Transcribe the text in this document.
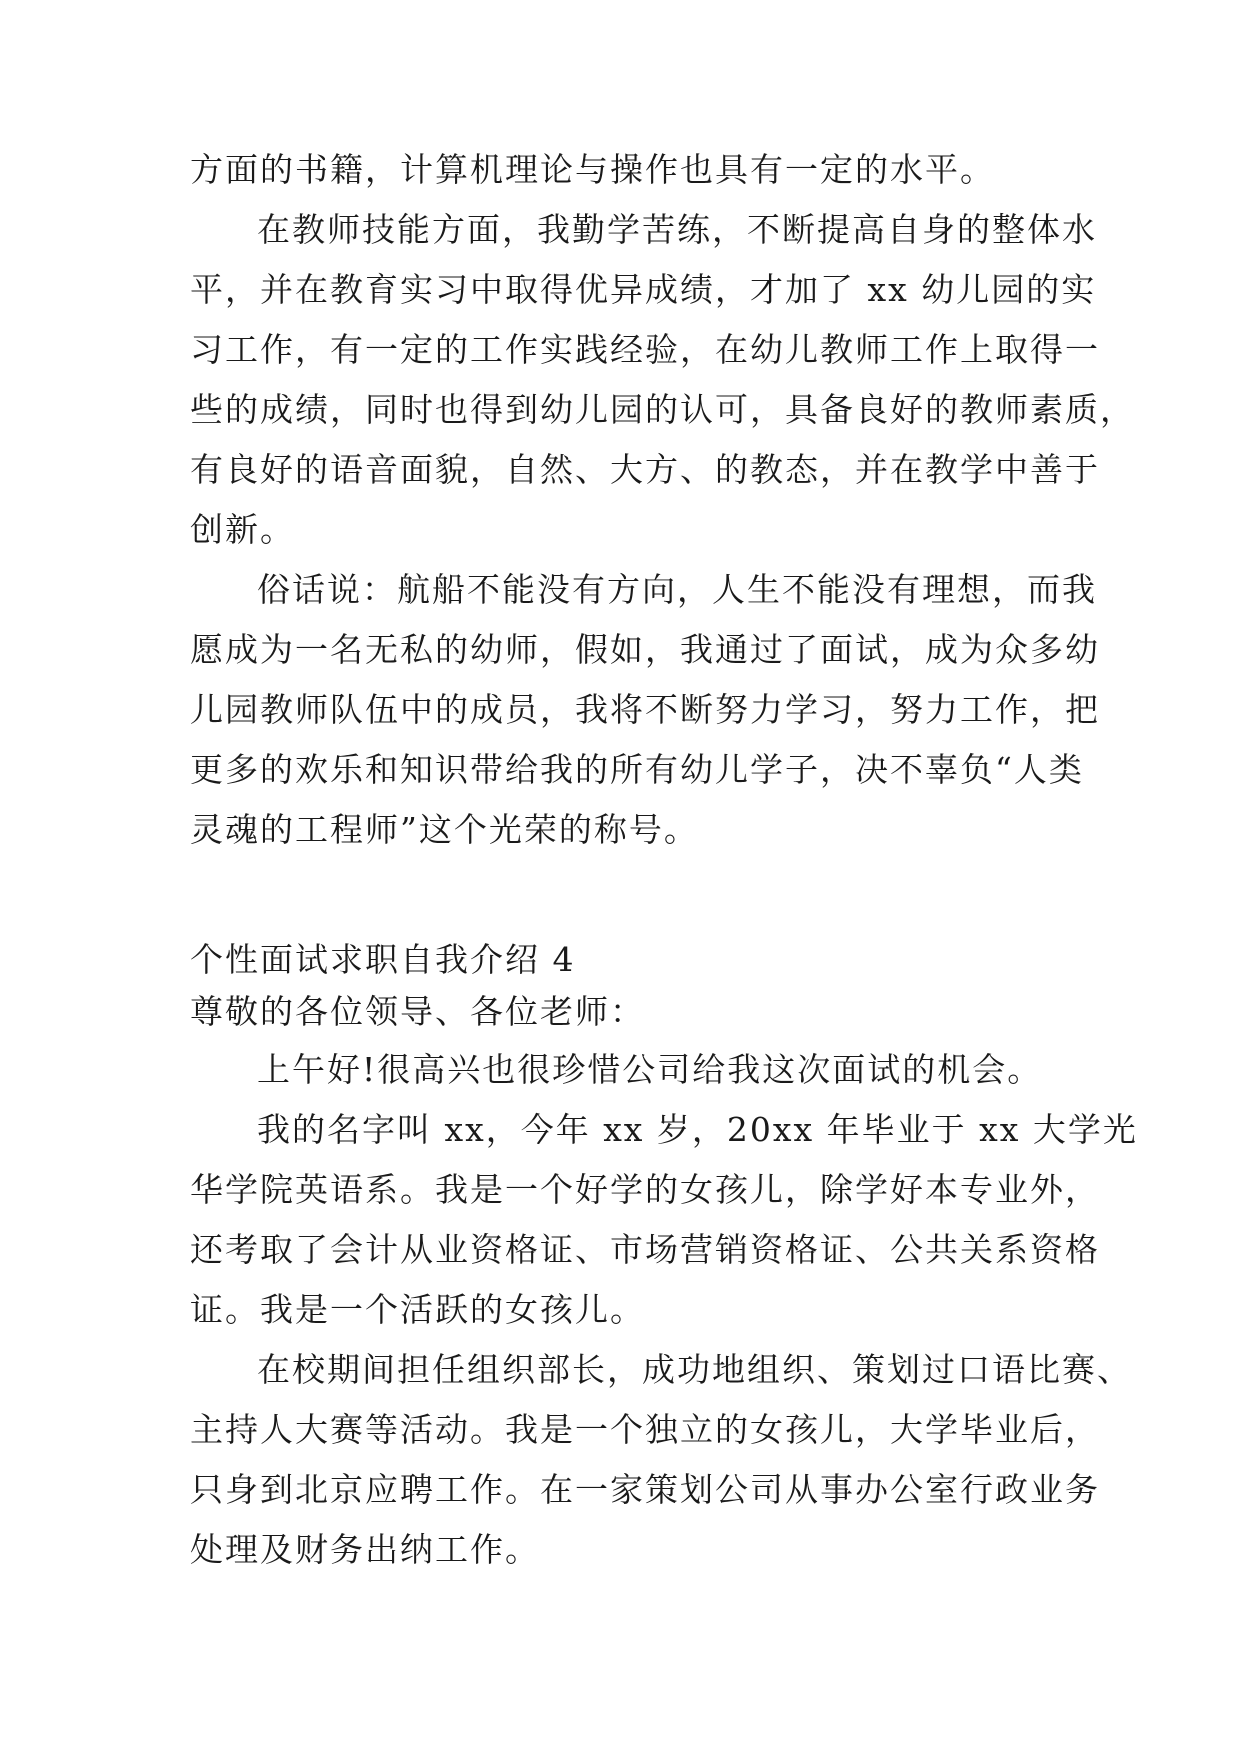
方面的书籍，计算机理论与操作也具有一定的水平。
在教师技能方面，我勤学苦练，不断提高自身的整体水
平，并在教育实习中取得优异成绩，才加了 xx 幼儿园的实
习工作，有一定的工作实践经验，在幼儿教师工作上取得一
些的成绩，同时也得到幼儿园的认可，具备良好的教师素质，
有良好的语音面貌，自然、大方、的教态，并在教学中善于
创新。
俗话说：航船不能没有方向，人生不能没有理想，而我
愿成为一名无私的幼师，假如，我通过了面试，成为众多幼
儿园教师队伍中的成员，我将不断努力学习，努力工作，把
更多的欢乐和知识带给我的所有幼儿学子，决不辜负“人类
灵魂的工程师”这个光荣的称号。
个性面试求职自我介绍 4
尊敬的各位领导、各位老师：
上午好!很高兴也很珍惜公司给我这次面试的机会。
我的名字叫 xx，今年 xx 岁，20xx 年毕业于 xx 大学光
华学院英语系。我是一个好学的女孩儿，除学好本专业外，
还考取了会计从业资格证、市场营销资格证、公共关系资格
证。我是一个活跃的女孩儿。
在校期间担任组织部长，成功地组织、策划过口语比赛、
主持人大赛等活动。我是一个独立的女孩儿，大学毕业后，
只身到北京应聘工作。在一家策划公司从事办公室行政业务
处理及财务出纳工作。
